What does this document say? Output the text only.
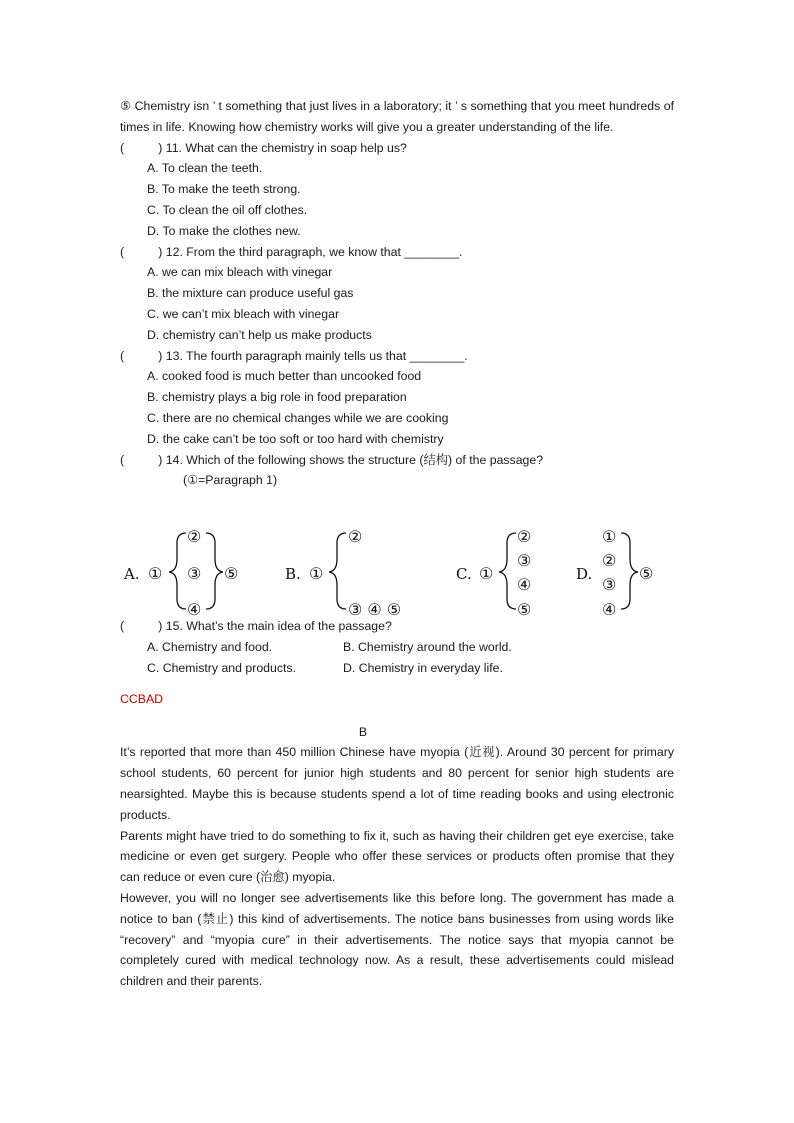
⑤ Chemistry isn ’ t something that just lives in a laboratory; it ’ s something that you meet hundreds of times in life. Knowing how chemistry works will give you a greater understanding of the life.

(          ) 11. What can the chemistry in soap help us?

A. To clean the teeth.

B. To make the teeth strong.

C. To clean the oil off clothes.

D. To make the clothes new.

(          ) 12. From the third paragraph, we know that ________.

A. we can mix bleach with vinegar

B. the mixture can produce useful gas

C. we can’t mix bleach with vinegar

D. chemistry can’t help us make products

(          ) 13. The fourth paragraph mainly tells us that ________.

A. cooked food is much better than uncooked food

B. chemistry plays a big role in food preparation

C. there are no chemical changes while we are cooking

D. the cake can’t be too soft or too hard with chemistry

(          ) 14. Which of the following shows the structure (结构) of the passage?

(①=Paragraph 1)

A. ①
②
③
④
⑤	B. ①
②
③ ④ ⑤
C. ①
②
③
④
⑤
D.
①
②
③
④
⑤

(          ) 15. What’s the main idea of the passage?

A. Chemistry and food.	B. Chemistry around the world.

C. Chemistry and products.	D. Chemistry in everyday life.

CCBAD

B

It’s reported that more than 450 million Chinese have myopia (近视). Around 30 percent for primary school students, 60 percent for junior high students and 80 percent for senior high students are nearsighted. Maybe this is because students spend a lot of time reading books and using electronic products.

Parents might have tried to do something to fix it, such as having their children get eye exercise, take medicine or even get surgery. People who offer these services or products often promise that they can reduce or even cure (治愈) myopia.

However, you will no longer see advertisements like this before long. The government has made a notice to ban (禁止) this kind of advertisements. The notice bans businesses from using words like “recovery” and “myopia cure” in their advertisements. The notice says that myopia cannot be completely cured with medical technology now. As a result, these advertisements could mislead children and their parents.
